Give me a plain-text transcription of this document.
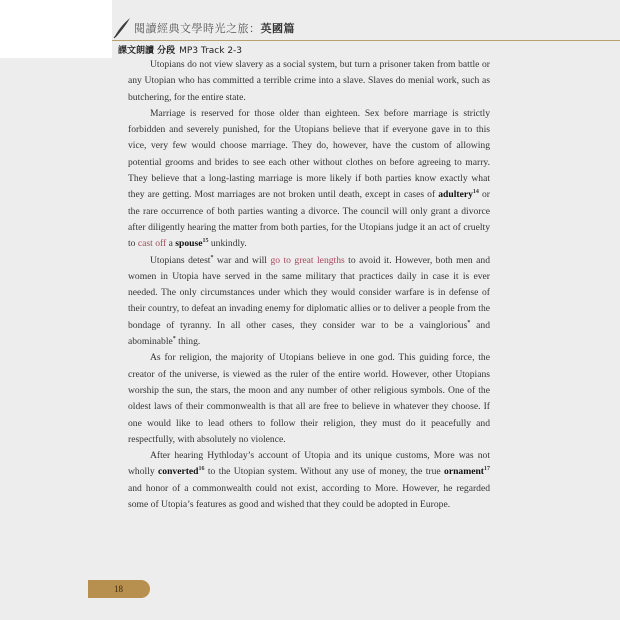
閱讀經典文學時光之旅：英國篇
課文朗讀 分段 MP3 Track 2-3

Utopians do not view slavery as a social system, but turn a prisoner taken from battle or any Utopian who has committed a terrible crime into a slave. Slaves do menial work, such as butchering, for the entire state.

Marriage is reserved for those older than eighteen. Sex before marriage is strictly forbidden and severely punished, for the Utopians believe that if everyone gave in to this vice, very few would choose marriage. They do, however, have the custom of allowing potential grooms and brides to see each other without clothes on before agreeing to marry. They believe that a long-lasting marriage is more likely if both parties know exactly what they are getting. Most marriages are not broken until death, except in cases of adultery$^{14}$ or the rare occurrence of both parties wanting a divorce. The council will only grant a divorce after diligently hearing the matter from both parties, for the Utopians judge it an act of cruelty to cast off a spouse$^{15}$ unkindly.

Utopians detest* war and will go to great lengths to avoid it. However, both men and women in Utopia have served in the same military that practices daily in case it is ever needed. The only circumstances under which they would consider warfare is in defense of their country, to defeat an invading enemy for diplomatic allies or to deliver a people from the bondage of tyranny. In all other cases, they consider war to be a vainglorious* and abominable* thing.

As for religion, the majority of Utopians believe in one god. This guiding force, the creator of the universe, is viewed as the ruler of the entire world. However, other Utopians worship the sun, the stars, the moon and any number of other religious symbols. One of the oldest laws of their commonwealth is that all are free to believe in whatever they choose. If one would like to lead others to follow their religion, they must do it peacefully and respectfully, with absolutely no violence.

After hearing Hythloday’s account of Utopia and its unique customs, More was not wholly converted$^{16}$ to the Utopian system. Without any use of money, the true ornament$^{17}$ and honor of a commonwealth could not exist, according to More. However, he regarded some of Utopia’s features as good and wished that they could be adopted in Europe.

18
